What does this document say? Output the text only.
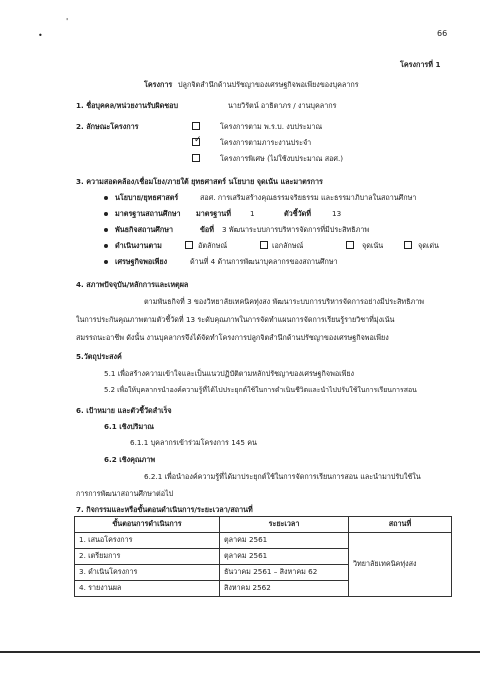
•
'
66
โครงการที่ 1
โครงการ ปลูกจิตสำนึกด้านปรัชญาของเศรษฐกิจพอเพียงของบุคลากร
1. ชื่อบุคคล/หน่วยงานรับผิดชอบ	นายวิรัตน์ อาธิตาภร / งานบุคลากร
2. ลักษณะโครงการ	โครงการตาม พ.ร.บ. งบประมาณ
✓	โครงการตามภาระงานประจำ
โครงการพิเศษ (ไม่ใช้งบประมาณ สอศ.)
3. ความสอดคล้อง/เชื่อมโยง/ภายใต้ ยุทธศาสตร์ นโยบาย จุดเน้น และมาตรการ
นโยบาย/ยุทธศาสตร์	สอศ. การเสริมสร้างคุณธรรมจริยธรรม และธรรมาภิบาลในสถานศึกษา
มาตรฐานสถานศึกษา มาตรฐานที่	1	ตัวชี้วัดที่	13
พันธกิจสถานศึกษา	ข้อที่ 3 พัฒนาระบบการบริหารจัดการที่มีประสิทธิภาพ
ดำเนินงานตาม	อัตลักษณ์	เอกลักษณ์	จุดเน้น	จุดเด่น
เศรษฐกิจพอเพียง	ด้านที่ 4 ด้านการพัฒนาบุคลากรของสถานศึกษา
4. สภาพปัจจุบัน/หลักการและเหตุผล
ตามพันธกิจที่ 3 ของวิทยาลัยเทคนิคทุ่งสง พัฒนาระบบการบริหารจัดการอย่างมีประสิทธิภาพ
ในการประกันคุณภาพตามตัวชี้วัดที่ 13 ระดับคุณภาพในการจัดทำแผนการจัดการเรียนรู้รายวิชาที่มุ่งเน้น
สมรรถนะอาชีพ ดังนั้น งานบุคลากรจึงได้จัดทำโครงการปลูกจิตสำนึกด้านปรัชญาของเศรษฐกิจพอเพียง
5.วัตถุประสงค์
5.1 เพื่อสร้างความเข้าใจและเป็นแนวปฏิบัติตามหลักปรัชญาของเศรษฐกิจพอเพียง
5.2 เพื่อให้บุคลากรนำองค์ความรู้ที่ได้ไปประยุกต์ใช้ในการดำเนินชีวิตและนำไปปรับใช้ในการเรียนการสอน
6. เป้าหมาย และตัวชี้วัดสำเร็จ
6.1 เชิงปริมาณ
6.1.1 บุคลากรเข้าร่วมโครงการ 145 คน
6.2 เชิงคุณภาพ
6.2.1 เพื่อนำองค์ความรู้ที่ได้มาประยุกต์ใช้ในการจัดการเรียนการสอน และนำมาปรับใช้ใน
การการพัฒนาสถานศึกษาต่อไป
7. กิจกรรมและหรือขั้นตอนดำเนินการ/ระยะเวลา/สถานที่
ขั้นตอนการดำเนินการ	ระยะเวลา	สถานที่
1. เสนอโครงการ	ตุลาคม 2561	วิทยาลัยเทคนิคทุ่งสง
2. เตรียมการ	ตุลาคม 2561	
3. ดำเนินโครงการ	ธันวาคม 2561 – สิงหาคม 62	
4. รายงานผล	สิงหาคม 2562	
